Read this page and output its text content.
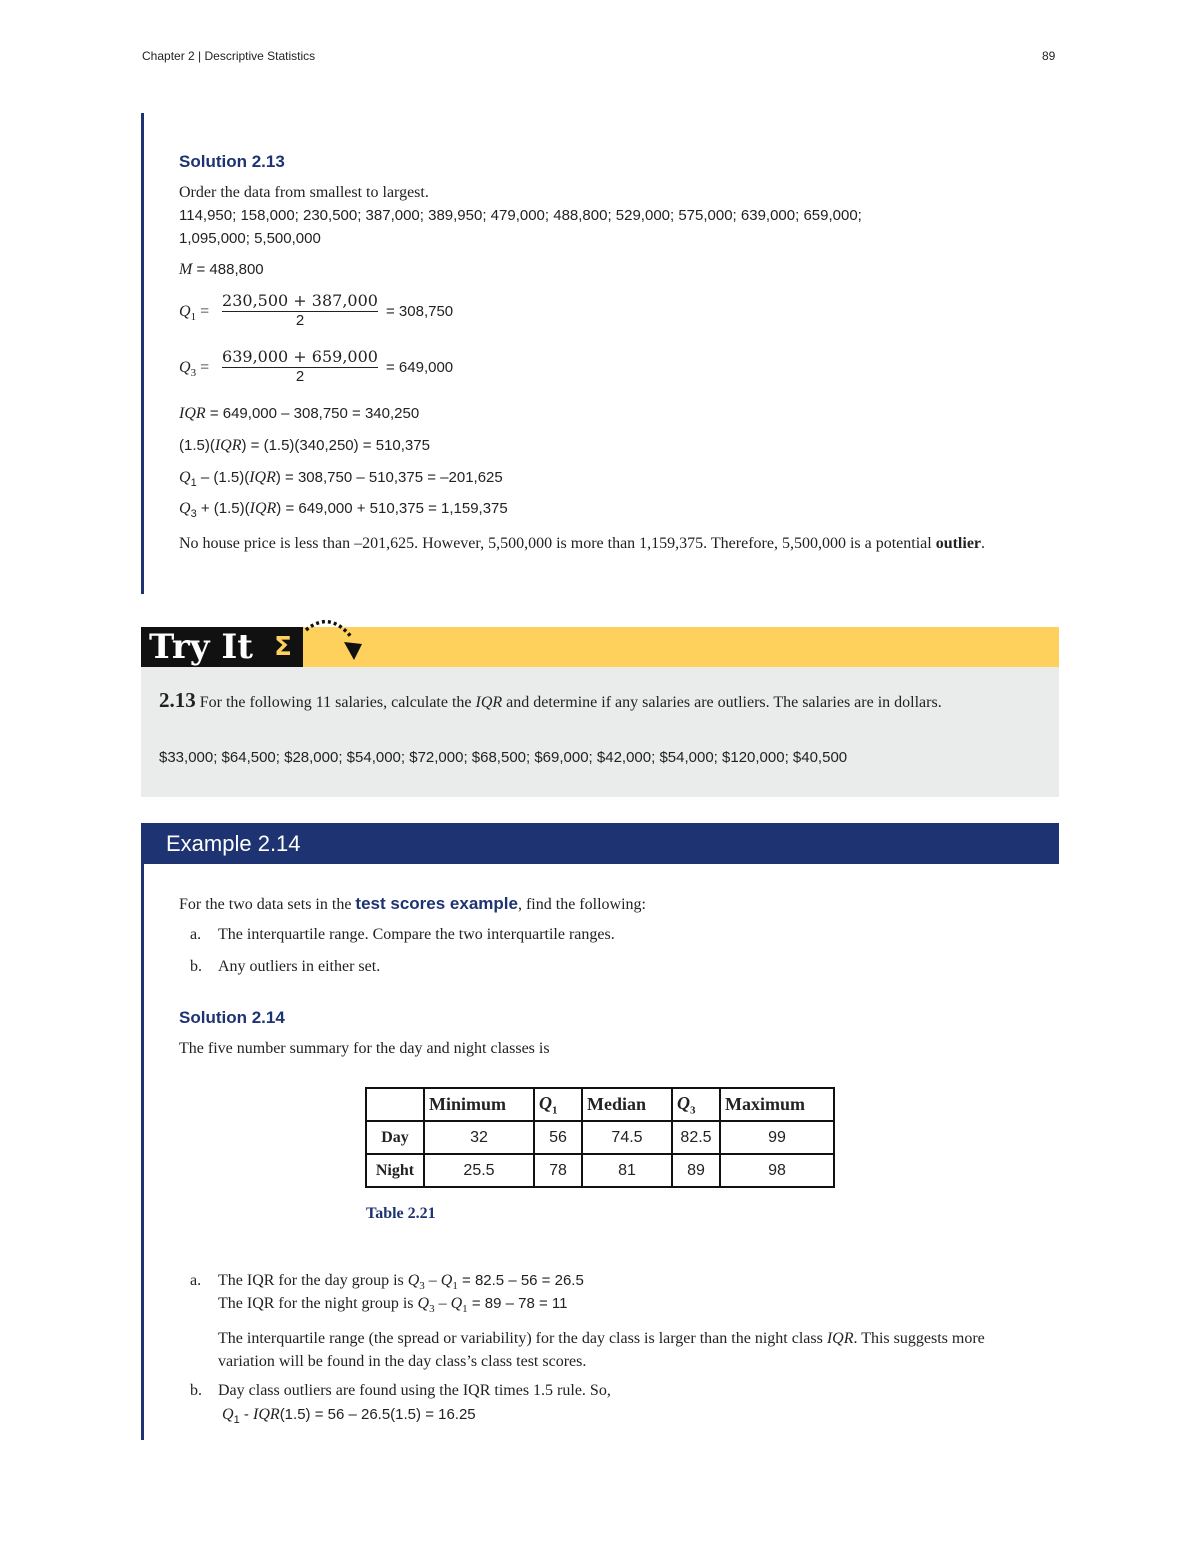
Chapter 2 | Descriptive Statistics	89
Solution 2.13
Order the data from smallest to largest.
114,950; 158,000; 230,500; 387,000; 389,950; 479,000; 488,800; 529,000; 575,000; 639,000; 659,000;
1,095,000; 5,500,000
M = 488,800
$Q_1 = \frac{230,500 + 387,000}{2} = 308,750$
$Q_3 = \frac{639,000 + 659,000}{2} = 649,000$
IQR = 649,000 – 308,750 = 340,250
(1.5)(IQR) = (1.5)(340,250) = 510,375
$Q_1 - (1.5)(IQR) = 308,750 - 510,375 = -201,625$
$Q_3 + (1.5)(IQR) = 649,000 + 510,375 = 1,159,375$
No house price is less than –201,625. However, 5,500,000 is more than 1,159,375. Therefore, 5,500,000 is a potential outlier.
Try It Σ
2.13 For the following 11 salaries, calculate the IQR and determine if any salaries are outliers. The salaries are in dollars.
$33,000; $64,500; $28,000; $54,000; $72,000; $68,500; $69,000; $42,000; $54,000; $120,000; $40,500
Example 2.14
For the two data sets in the test scores example, find the following:
a. The interquartile range. Compare the two interquartile ranges.
b. Any outliers in either set.
Solution 2.14
The five number summary for the day and night classes is
	Minimum	$Q_1$	Median	$Q_3$	Maximum
Day	32	56	74.5	82.5	99
Night	25.5	78	81	89	98
Table 2.21
a. The IQR for the day group is $Q_3 - Q_1 = 82.5 - 56 = 26.5$
The IQR for the night group is $Q_3 - Q_1 = 89 - 78 = 11$
The interquartile range (the spread or variability) for the day class is larger than the night class IQR. This suggests more variation will be found in the day class’s class test scores.
b. Day class outliers are found using the IQR times 1.5 rule. So,
$Q_1 - IQR(1.5) = 56 - 26.5(1.5) = 16.25$
